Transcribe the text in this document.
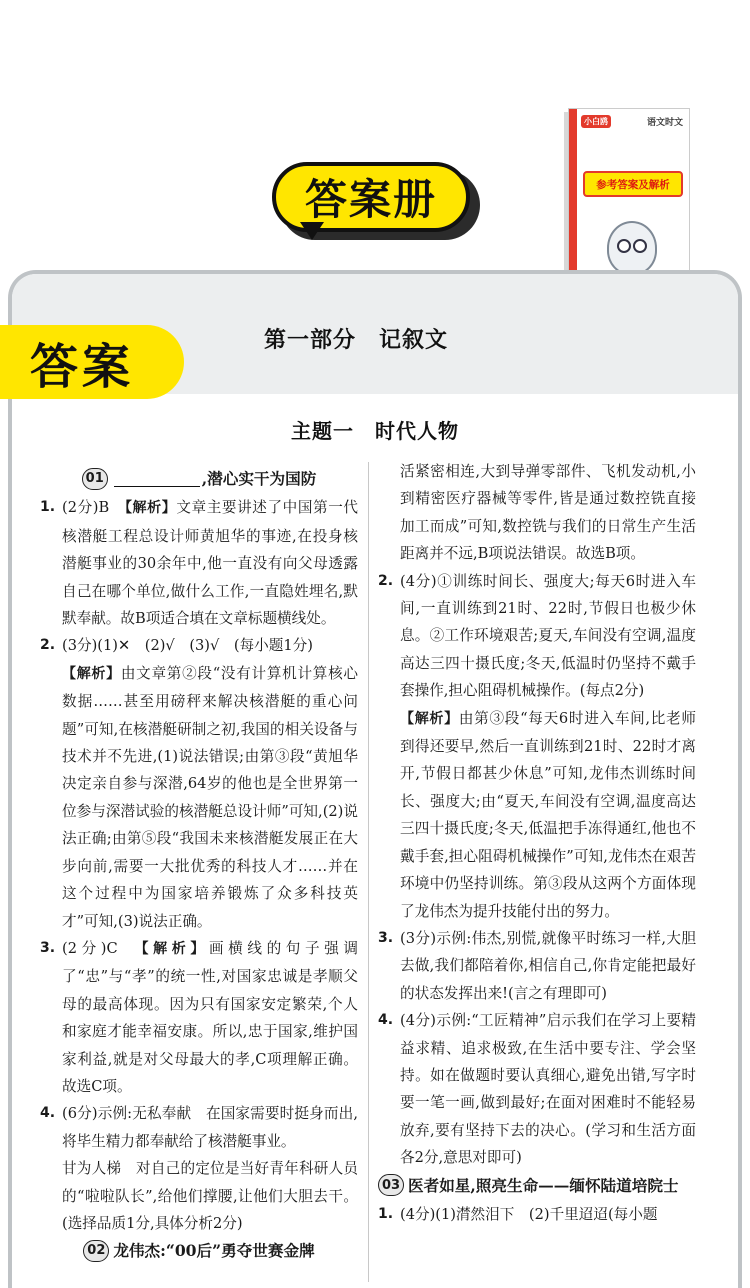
答案册
小白鸥	语文时文
参考答案及解析
答案	第一部分　记叙文
主题一　时代人物
01	,潜心实干为国防
1. (2分)B　【解析】文章主要讲述了中国第一代核潜艇工程总设计师黄旭华的事迹,在投身核潜艇事业的30余年中,他一直没有向父母透露自己在哪个单位,做什么工作,一直隐姓埋名,默默奉献。故B项适合填在文章标题横线处。
2. (3分)(1)✕　(2)√　(3)√　(每小题1分)
【解析】由文章第②段“没有计算机计算核心数据……甚至用磅秤来解决核潜艇的重心问题”可知,在核潜艇研制之初,我国的相关设备与技术并不先进,(1)说法错误;由第③段“黄旭华决定亲自参与深潜,64岁的他也是全世界第一位参与深潜试验的核潜艇总设计师”可知,(2)说法正确;由第⑤段“我国未来核潜艇发展正在大步向前,需要一大批优秀的科技人才……并在这个过程中为国家培养锻炼了众多科技英才”可知,(3)说法正确。
3. (2分)C　【解析】画横线的句子强调了“忠”与“孝”的统一性,对国家忠诚是孝顺父母的最高体现。因为只有国家安定繁荣,个人和家庭才能幸福安康。所以,忠于国家,维护国家利益,就是对父母最大的孝,C项理解正确。故选C项。
4. (6分)示例:无私奉献　在国家需要时挺身而出,将毕生精力都奉献给了核潜艇事业。
甘为人梯　对自己的定位是当好青年科研人员的“啦啦队长”,给他们撑腰,让他们大胆去干。(选择品质1分,具体分析2分)
02 龙伟杰:“00后”勇夺世赛金牌
活紧密相连,大到导弹零部件、飞机发动机,小到精密医疗器械等零件,皆是通过数控铣直接加工而成”可知,数控铣与我们的日常生产生活距离并不远,B项说法错误。故选B项。
2. (4分)①训练时间长、强度大;每天6时进入车间,一直训练到21时、22时,节假日也极少休息。②工作环境艰苦;夏天,车间没有空调,温度高达三四十摄氏度;冬天,低温时仍坚持不戴手套操作,担心阻碍机械操作。(每点2分)
【解析】由第③段“每天6时进入车间,比老师到得还要早,然后一直训练到21时、22时才离开,节假日都甚少休息”可知,龙伟杰训练时间长、强度大;由“夏天,车间没有空调,温度高达三四十摄氏度;冬天,低温把手冻得通红,他也不戴手套,担心阻碍机械操作”可知,龙伟杰在艰苦环境中仍坚持训练。第③段从这两个方面体现了龙伟杰为提升技能付出的努力。
3. (3分)示例:伟杰,别慌,就像平时练习一样,大胆去做,我们都陪着你,相信自己,你肯定能把最好的状态发挥出来!(言之有理即可)
4. (4分)示例:“工匠精神”启示我们在学习上要精益求精、追求极致,在生活中要专注、学会坚持。如在做题时要认真细心,避免出错,写字时要一笔一画,做到最好;在面对困难时不能轻易放弃,要有坚持下去的决心。(学习和生活方面各2分,意思对即可)
03 医者如星,照亮生命——缅怀陆道培院士
1. (4分)(1)潸然泪下　(2)千里迢迢(每小题
